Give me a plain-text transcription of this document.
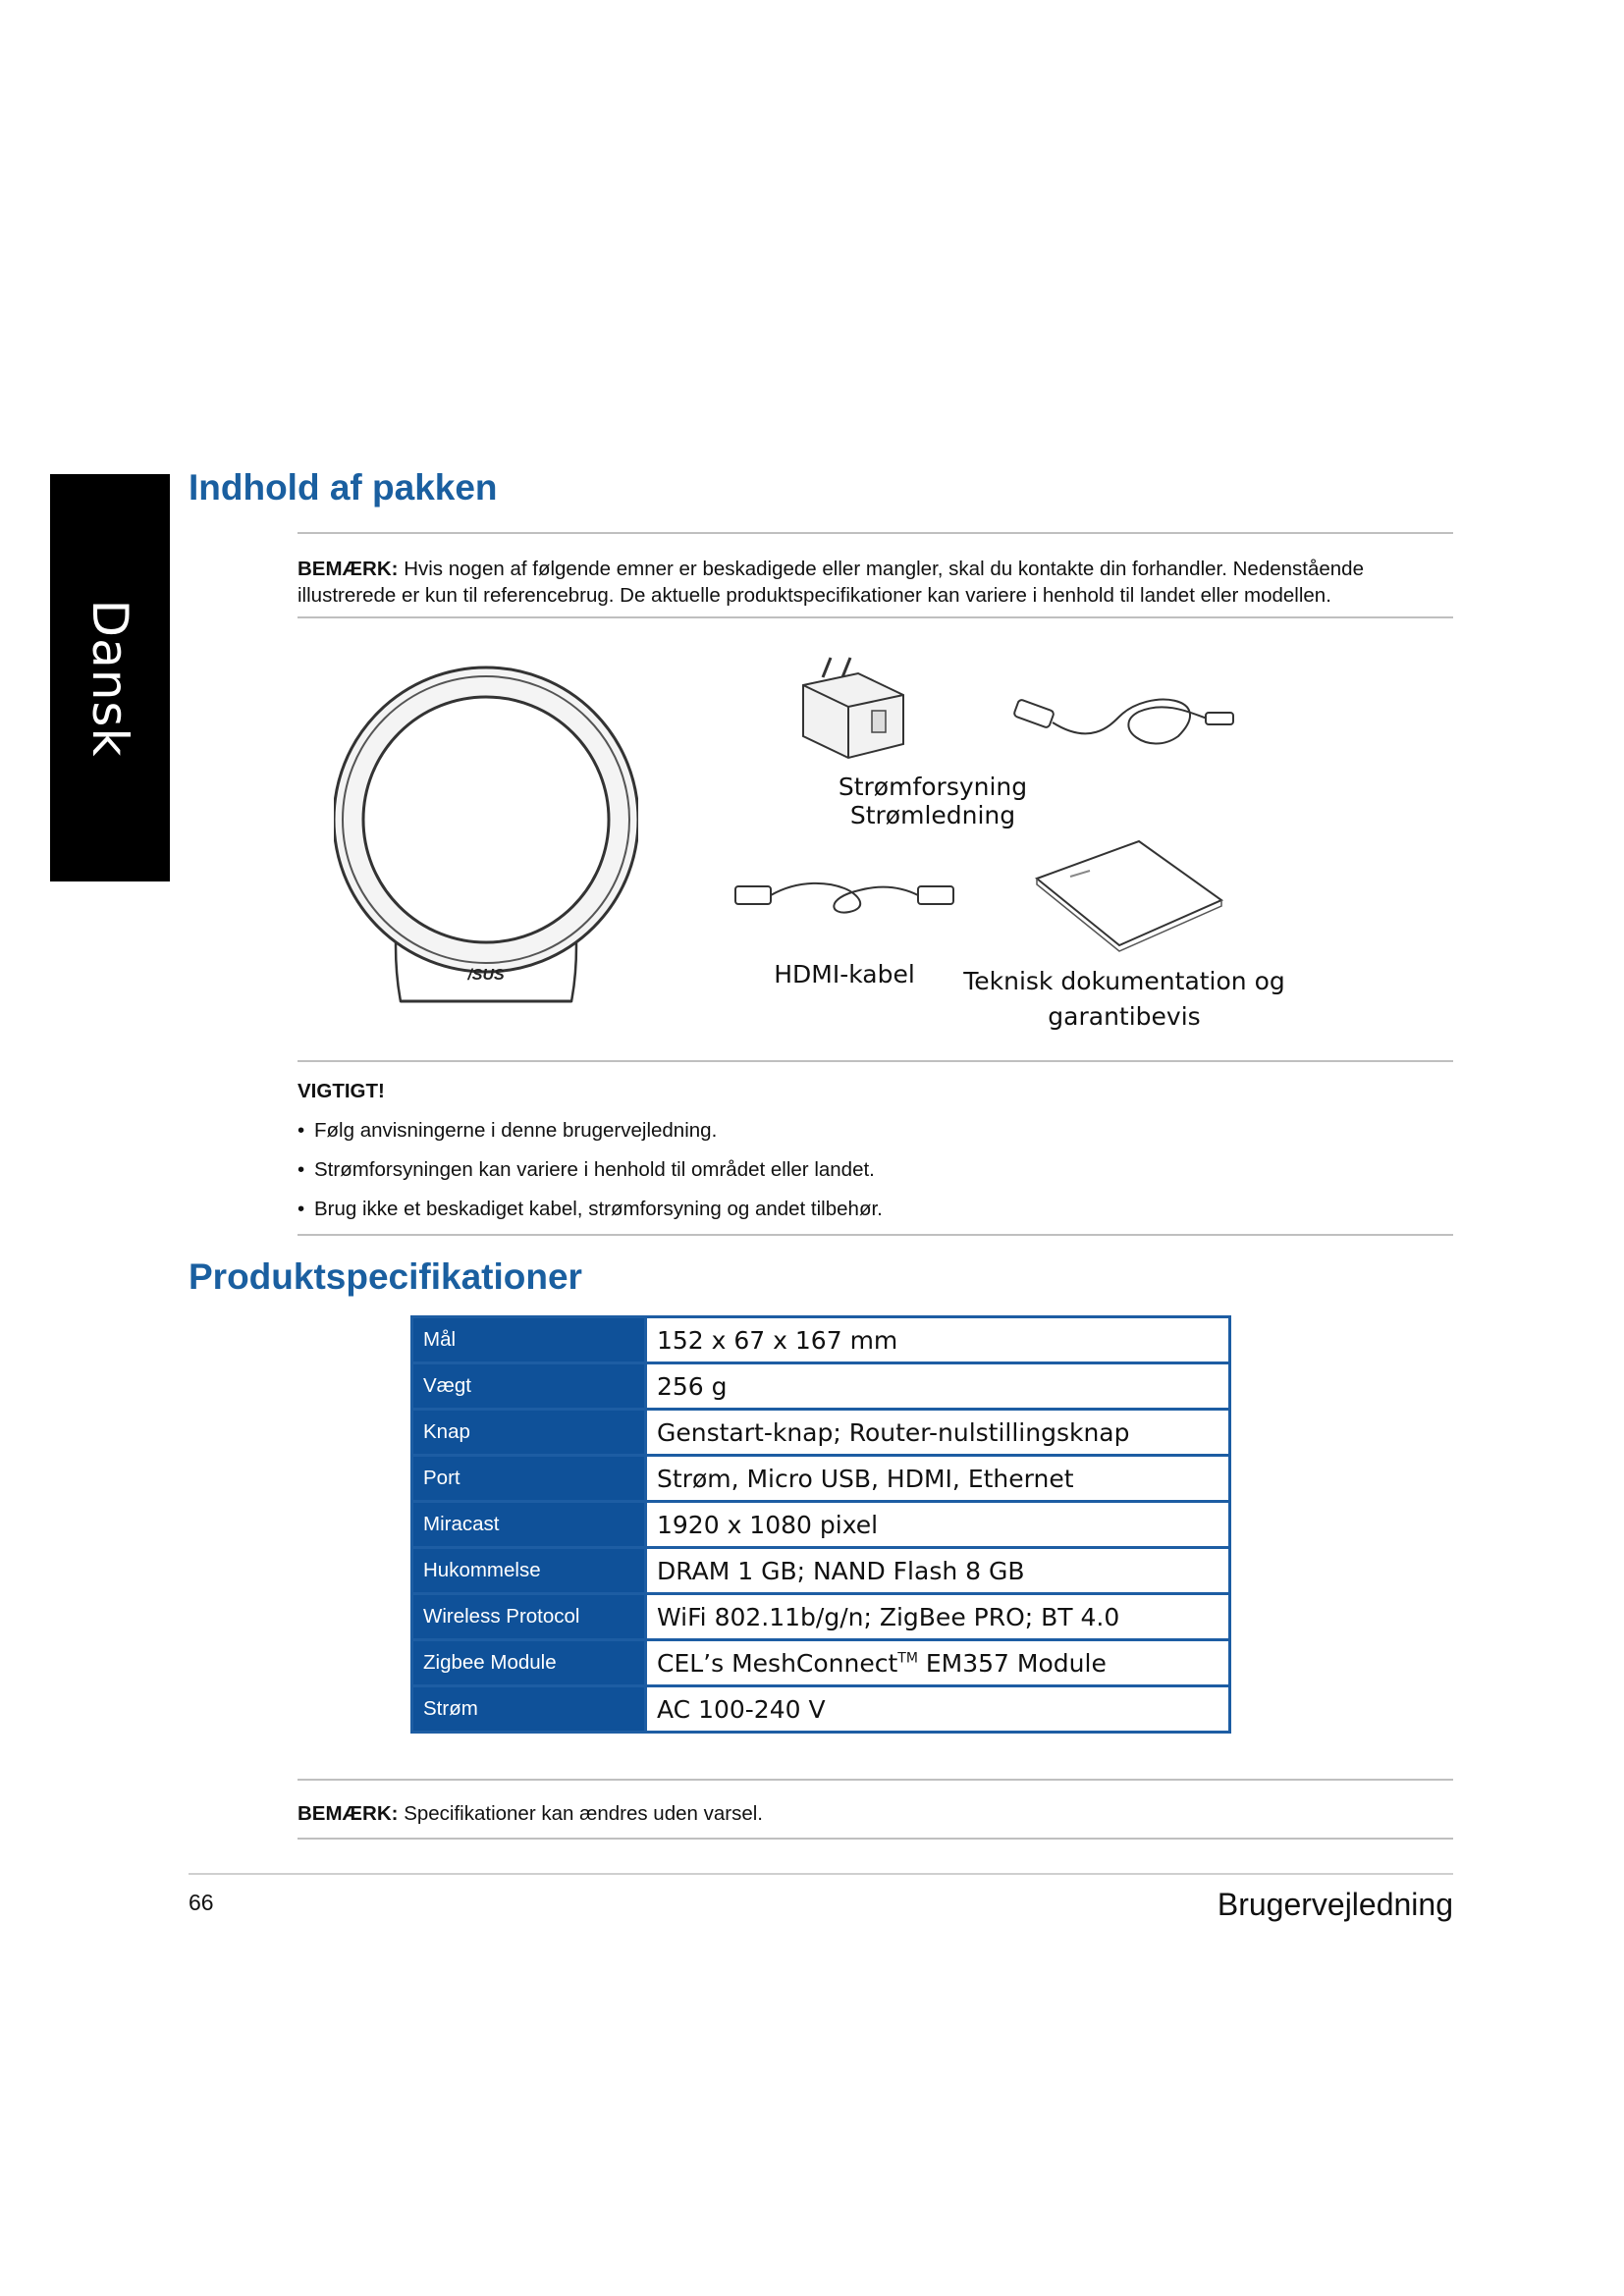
Dansk
Indhold af pakken
BEMÆRK: Hvis nogen af følgende emner er beskadigede eller mangler, skal du kontakte din forhandler. Nedenstående illustrerede er kun til referencebrug. De aktuelle produktspecifikationer kan variere i henhold til landet eller modellen.
/SUS
Strømforsyning Strømledning
HDMI-kabel	Teknisk dokumentation og
garantibevis
VIGTIGT!
• Følg anvisningerne i denne brugervejledning.
• Strømforsyningen kan variere i henhold til området eller landet.
• Brug ikke et beskadiget kabel, strømforsyning og andet tilbehør.
Produktspecifikationer
Mål	152 x 67 x 167 mm
Vægt	256 g
Knap	Genstart-knap; Router-nulstillingsknap
Port	Strøm, Micro USB, HDMI, Ethernet
Miracast	1920 x 1080 pixel
Hukommelse	DRAM 1 GB; NAND Flash 8 GB
Wireless Protocol	WiFi 802.11b/g/n; ZigBee PRO; BT 4.0
Zigbee Module	CEL’s MeshConnect™ EM357 Module
Strøm	AC 100-240 V
BEMÆRK: Specifikationer kan ændres uden varsel.
66	Brugervejledning
